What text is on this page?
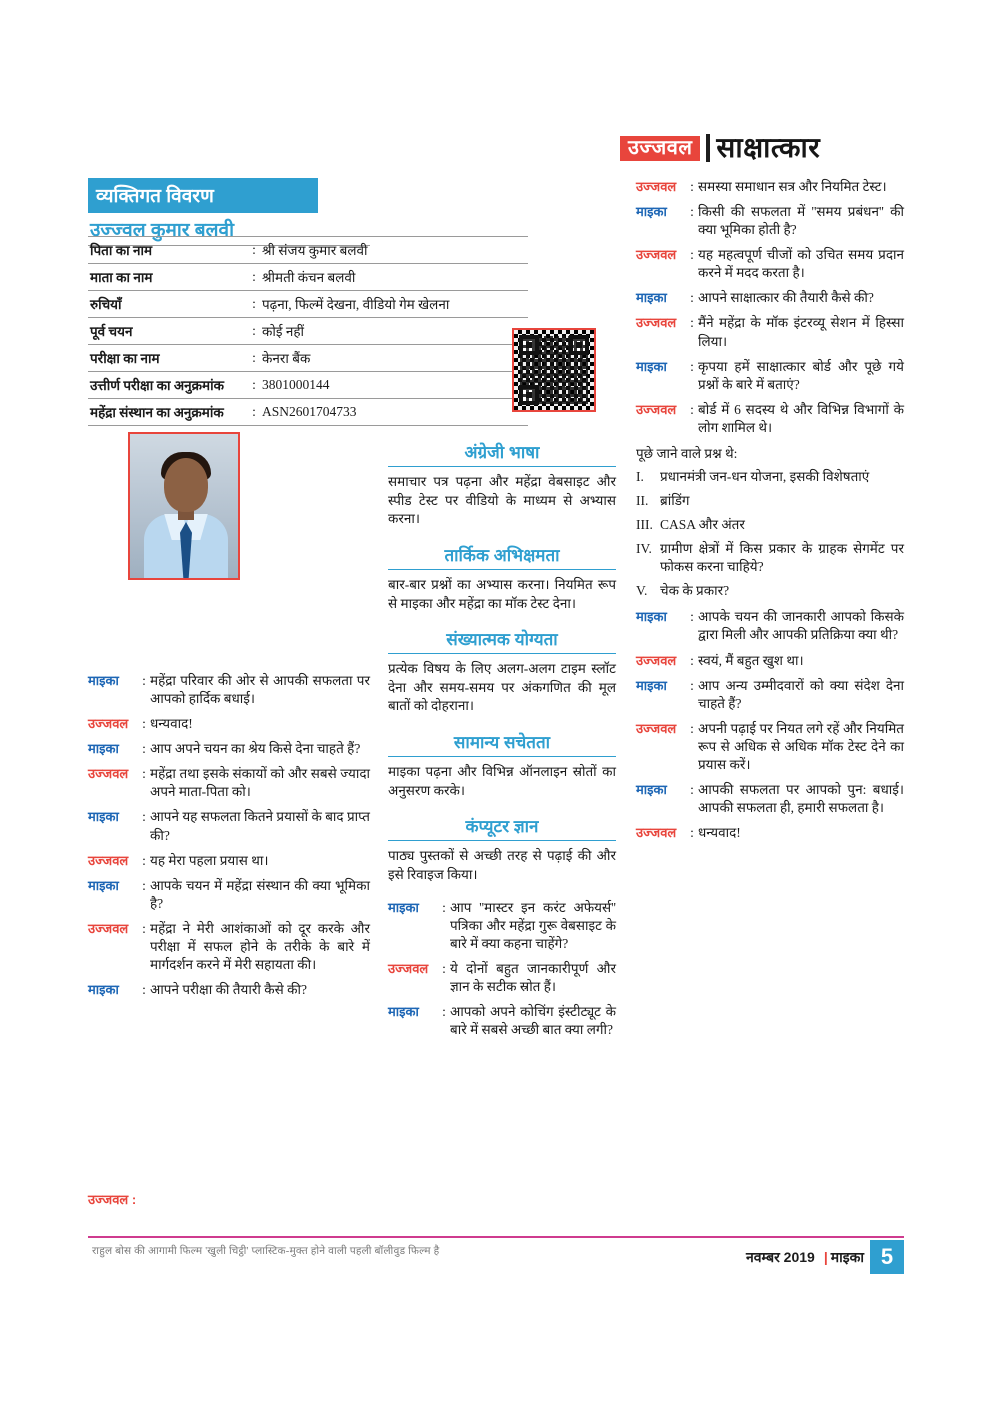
उज्जवल साक्षात्कार
व्यक्तिगत विवरण
उज्ज्वल कुमार बलवी
पिता का नाम	:	श्री संजय कुमार बलवी
माता का नाम	:	श्रीमती कंचन बलवी
रुचियाँ	:	पढ़ना, फिल्में देखना, वीडियो गेम खेलना
पूर्व चयन	:	कोई नहीं
परीक्षा का नाम	:	केनरा बैंक
उत्तीर्ण परीक्षा का अनुक्रमांक	:	3801000144
महेंद्रा संस्थान का अनुक्रमांक	:	ASN2601704733
माइका	: महेंद्रा परिवार की ओर से आपकी सफलता पर आपको हार्दिक बधाई।
उज्जवल	: धन्यवाद!
माइका	: आप अपने चयन का श्रेय किसे देना चाहते हैं?
उज्जवल	: महेंद्रा तथा इसके संकायों को और सबसे ज्यादा अपने माता-पिता को।
माइका	: आपने यह सफलता कितने प्रयासों के बाद प्राप्त की?
उज्जवल	: यह मेरा पहला प्रयास था।
माइका	: आपके चयन में महेंद्रा संस्थान की क्या भूमिका है?
उज्जवल	: महेंद्रा ने मेरी आशंकाओं को दूर करके और परीक्षा में सफल होने के तरीके के बारे में मार्गदर्शन करने में मेरी सहायता की।
माइका	: आपने परीक्षा की तैयारी कैसे की?
उज्जवल :
अंग्रेजी भाषा
समाचार पत्र पढ़ना और महेंद्रा वेबसाइट और स्पीड टेस्ट पर वीडियो के माध्यम से अभ्यास करना।
तार्किक अभिक्षमता
बार-बार प्रश्नों का अभ्यास करना। नियमित रूप से माइका और महेंद्रा का मॉक टेस्ट देना।
संख्यात्मक योग्यता
प्रत्येक विषय के लिए अलग-अलग टाइम स्लॉट देना और समय-समय पर अंकगणित की मूल बातों को दोहराना।
सामान्य सचेतता
माइका पढ़ना और विभिन्न ऑनलाइन स्रोतों का अनुसरण करके।
कंप्यूटर ज्ञान
पाठ्य पुस्तकों से अच्छी तरह से पढ़ाई की और इसे रिवाइज किया।
माइका	: आप ''मास्टर इन करंट अफेयर्स'' पत्रिका और महेंद्रा गुरू वेबसाइट के बारे में क्या कहना चाहेंगे?
उज्जवल	: ये दोनों बहुत जानकारीपूर्ण और ज्ञान के सटीक स्रोत हैं।
माइका	: आपको अपने कोचिंग इंस्टीट्यूट के बारे में सबसे अच्छी बात क्या लगी?
उज्जवल	: समस्या समाधान सत्र और नियमित टेस्ट।
माइका	: किसी की सफलता में ''समय प्रबंधन'' की क्या भूमिका होती है?
उज्जवल	: यह महत्वपूर्ण चीजों को उचित समय प्रदान करने में मदद करता है।
माइका	: आपने साक्षात्कार की तैयारी कैसे की?
उज्जवल	: मैंने महेंद्रा के मॉक इंटरव्यू सेशन में हिस्सा लिया।
माइका	: कृपया हमें साक्षात्कार बोर्ड और पूछे गये प्रश्नों के बारे में बताएं?
उज्जवल	: बोर्ड में 6 सदस्य थे और विभिन्न विभागों के लोग शामिल थे।
पूछे जाने वाले प्रश्न थे:
I.	प्रधानमंत्री जन-धन योजना, इसकी विशेषताएं
II. ब्रांडिंग
III. CASA और अंतर
IV. ग्रामीण क्षेत्रों में किस प्रकार के ग्राहक सेगमेंट पर फोकस करना चाहिये?
V. चेक के प्रकार?
माइका	: आपके चयन की जानकारी आपको किसके द्वारा मिली और आपकी प्रतिक्रिया क्या थी?
उज्जवल	: स्वयं, मैं बहुत खुश था।
माइका	: आप अन्य उम्मीदवारों को क्या संदेश देना चाहते हैं?
उज्जवल	: अपनी पढ़ाई पर नियत लगे रहें और नियमित रूप से अधिक से अधिक मॉक टेस्ट देने का प्रयास करें।
माइका	: आपकी सफलता पर आपको पुन: बधाई। आपकी सफलता ही, हमारी सफलता है।
उज्जवल	: धन्यवाद!
राहुल बोस की आगामी फिल्म 'खुली चिट्ठी' प्लास्टिक-मुक्त होने वाली पहली बॉलीवुड फिल्म है	नवम्बर 2019 | माइका 5
